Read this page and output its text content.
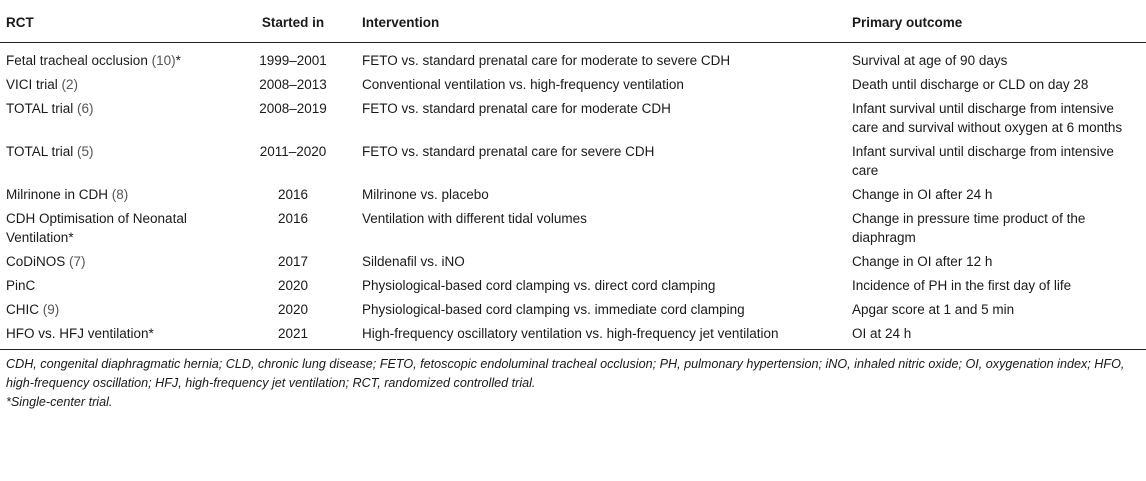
RCT	Started in	Intervention	Primary outcome
Fetal tracheal occlusion (10)*	1999–2001	FETO vs. standard prenatal care for moderate to severe CDH	Survival at age of 90 days
VICI trial (2)	2008–2013	Conventional ventilation vs. high-frequency ventilation	Death until discharge or CLD on day 28
TOTAL trial (6)	2008–2019	FETO vs. standard prenatal care for moderate CDH	Infant survival until discharge from intensive care and survival without oxygen at 6 months
TOTAL trial (5)	2011–2020	FETO vs. standard prenatal care for severe CDH	Infant survival until discharge from intensive care
Milrinone in CDH (8)	2016	Milrinone vs. placebo	Change in OI after 24 h
CDH Optimisation of Neonatal Ventilation*	2016	Ventilation with different tidal volumes	Change in pressure time product of the diaphragm
CoDiNOS (7)	2017	Sildenafil vs. iNO	Change in OI after 12 h
PinC	2020	Physiological-based cord clamping vs. direct cord clamping	Incidence of PH in the first day of life
CHIC (9)	2020	Physiological-based cord clamping vs. immediate cord clamping	Apgar score at 1 and 5 min
HFO vs. HFJ ventilation*	2021	High-frequency oscillatory ventilation vs. high-frequency jet ventilation	OI at 24 h

CDH, congenital diaphragmatic hernia; CLD, chronic lung disease; FETO, fetoscopic endoluminal tracheal occlusion; PH, pulmonary hypertension; iNO, inhaled nitric oxide; OI, oxygenation index; HFO, high-frequency oscillation; HFJ, high-frequency jet ventilation; RCT, randomized controlled trial.

*Single-center trial.
